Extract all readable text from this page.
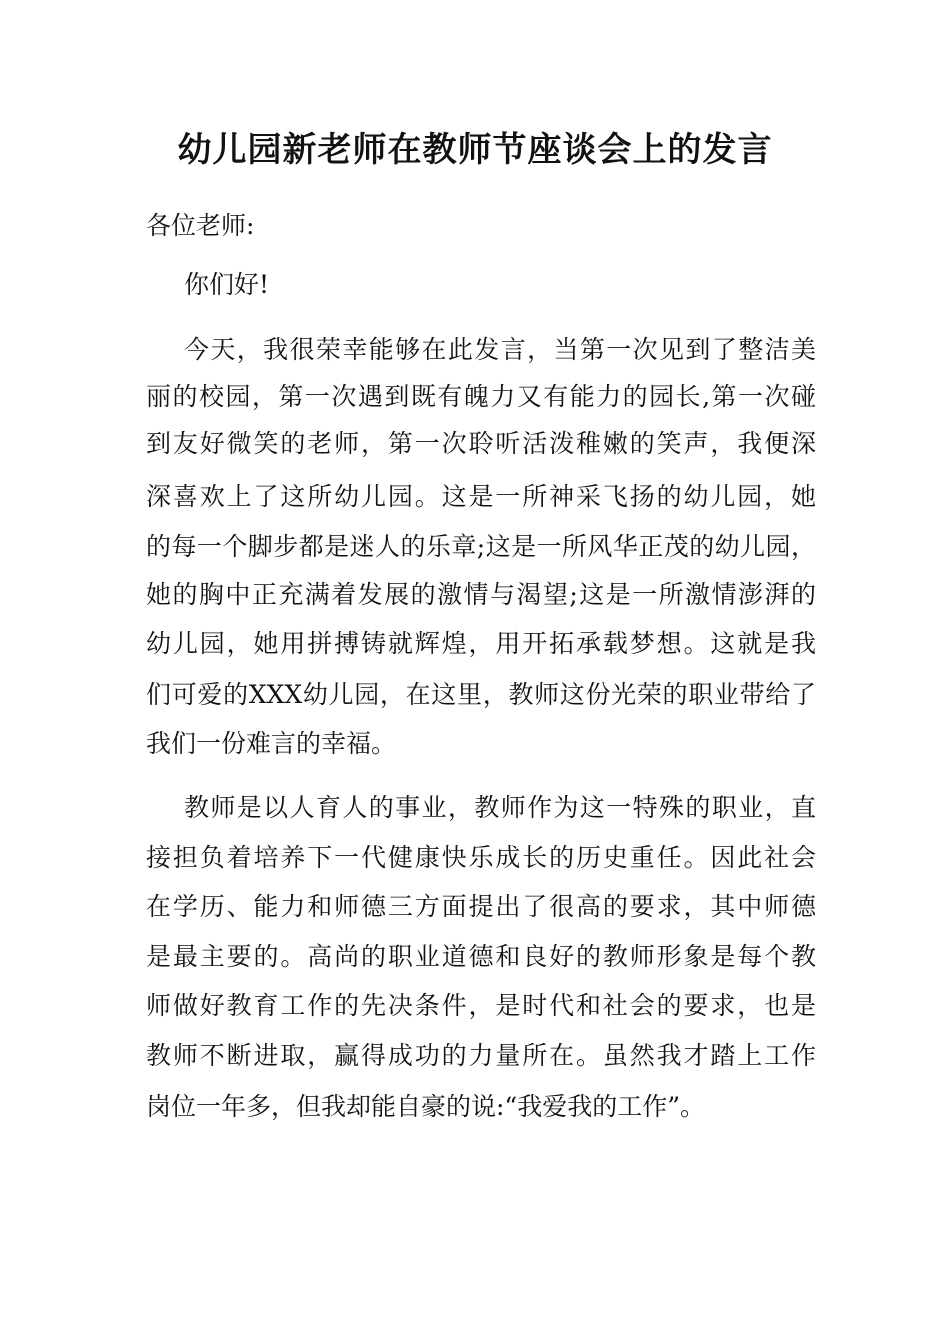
幼儿园新老师在教师节座谈会上的发言

各位老师:

你们好!

今天，我很荣幸能够在此发言，当第一次见到了整洁美

丽的校园，第一次遇到既有魄力又有能力的园长,第一次碰

到友好微笑的老师，第一次聆听活泼稚嫩的笑声，我便深

深喜欢上了这所幼儿园。这是一所神采飞扬的幼儿园，她

的每一个脚步都是迷人的乐章;这是一所风华正茂的幼儿园，

她的胸中正充满着发展的激情与渴望;这是一所激情澎湃的

幼儿园，她用拼搏铸就辉煌，用开拓承载梦想。这就是我

们可爱的XXX幼儿园，在这里，教师这份光荣的职业带给了

我们一份难言的幸福。

教师是以人育人的事业，教师作为这一特殊的职业，直

接担负着培养下一代健康快乐成长的历史重任。因此社会

在学历、能力和师德三方面提出了很高的要求，其中师德

是最主要的。高尚的职业道德和良好的教师形象是每个教

师做好教育工作的先决条件，是时代和社会的要求，也是

教师不断进取，赢得成功的力量所在。虽然我才踏上工作

岗位一年多，但我却能自豪的说:“我爱我的工作”。
